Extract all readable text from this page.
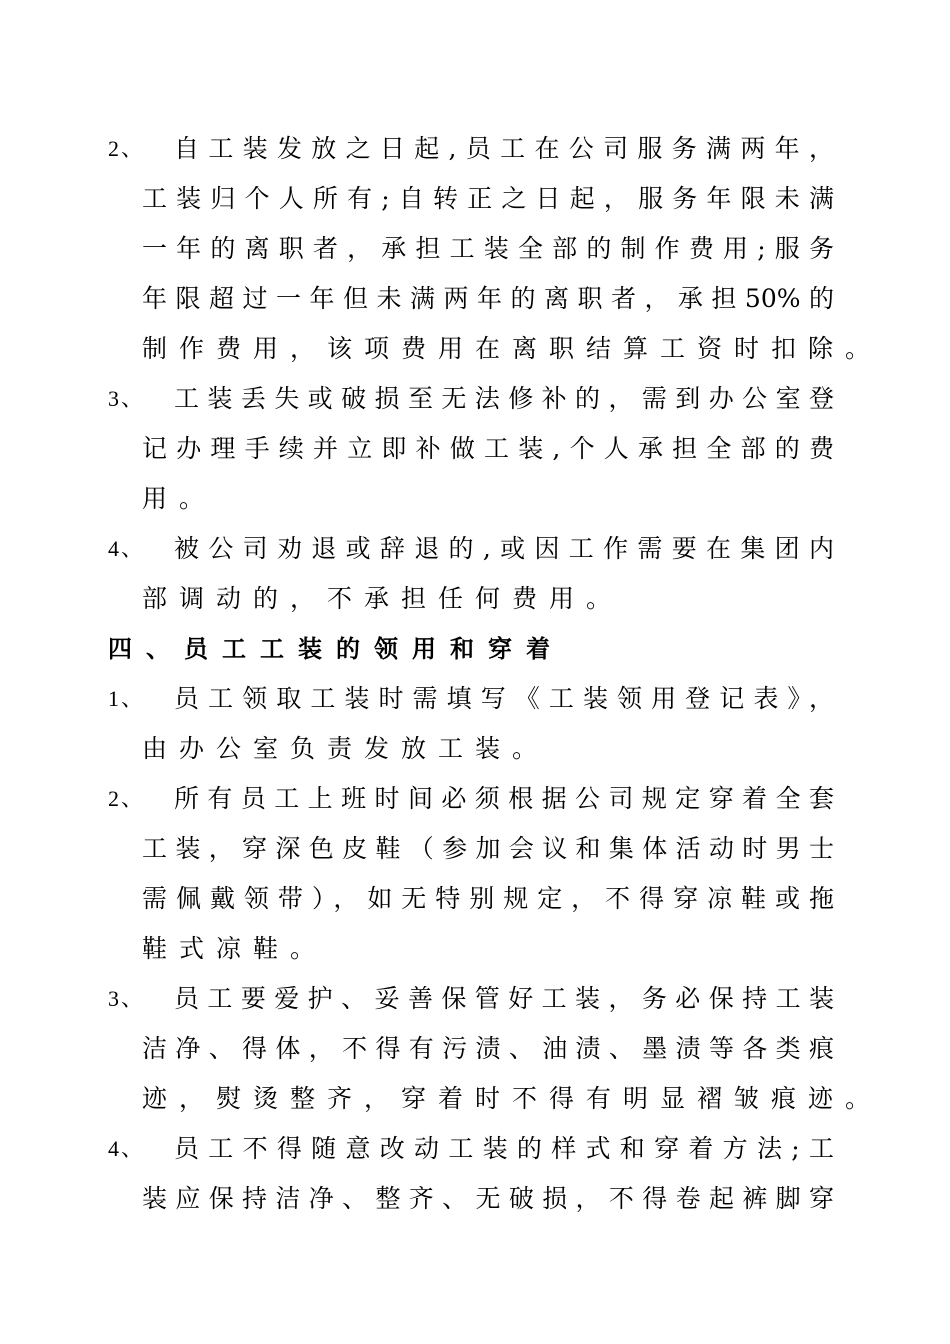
2、 自工装发放之日起,员工在公司服务满两年，
工装归个人所有;自转正之日起，服务年限未满
一年的离职者，承担工装全部的制作费用;服务
年限超过一年但未满两年的离职者，承担50%的
制作费用，该项费用在离职结算工资时扣除。
3、 工装丢失或破损至无法修补的，需到办公室登
记办理手续并立即补做工装,个人承担全部的费
用。
4、 被公司劝退或辞退的,或因工作需要在集团内
部调动的，不承担任何费用。
四、员工工装的领用和穿着
1、 员工领取工装时需填写《工装领用登记表》，
由办公室负责发放工装。
2、 所有员工上班时间必须根据公司规定穿着全套
工装，穿深色皮鞋（参加会议和集体活动时男士
需佩戴领带），如无特别规定，不得穿凉鞋或拖
鞋式凉鞋。
3、 员工要爱护、妥善保管好工装，务必保持工装
洁净、得体，不得有污渍、油渍、墨渍等各类痕
迹，熨烫整齐，穿着时不得有明显褶皱痕迹。
4、 员工不得随意改动工装的样式和穿着方法;工
装应保持洁净、整齐、无破损，不得卷起裤脚穿
